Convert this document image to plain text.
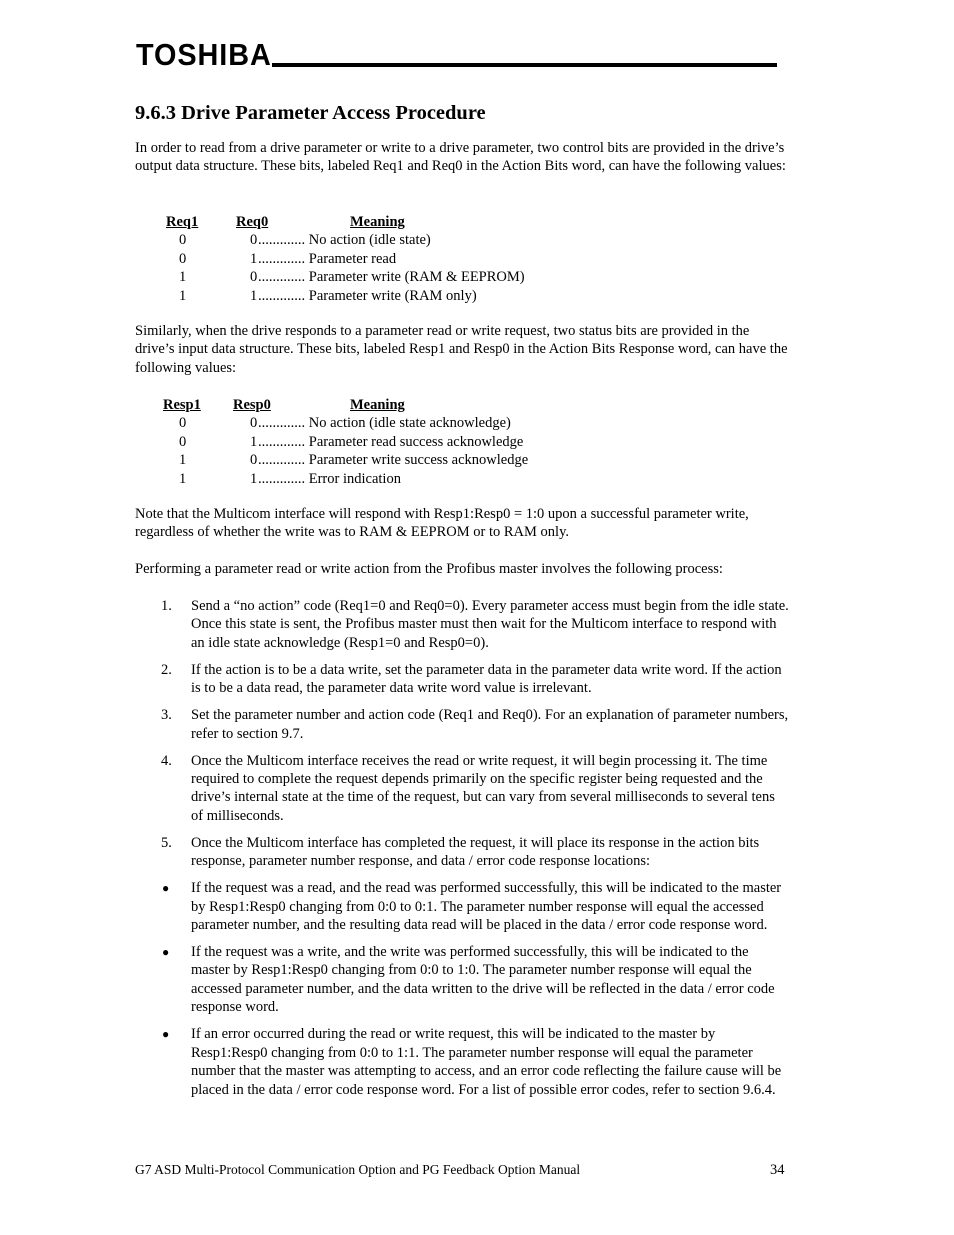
TOSHIBA
9.6.3 Drive Parameter Access Procedure
In order to read from a drive parameter or write to a drive parameter, two control bits are provided in the drive’s output data structure. These bits, labeled Req1 and Req0 in the Action Bits word, can have the following values:
Req1	Req0	Meaning
0	0 ............. No action (idle state)
0	1 ............. Parameter read
1	0 ............. Parameter write (RAM & EEPROM)
1	1 ............. Parameter write (RAM only)
Similarly, when the drive responds to a parameter read or write request, two status bits are provided in the drive’s input data structure. These bits, labeled Resp1 and Resp0 in the Action Bits Response word, can have the following values:
Resp1 Resp0	Meaning
0	0 ............. No action (idle state acknowledge)
0	1 ............. Parameter read success acknowledge
1	0 ............. Parameter write success acknowledge
1	1 ............. Error indication
Note that the Multicom interface will respond with Resp1:Resp0 = 1:0 upon a successful parameter write, regardless of whether the write was to RAM & EEPROM or to RAM only.
Performing a parameter read or write action from the Profibus master involves the following process:
1. Send a “no action” code (Req1=0 and Req0=0). Every parameter access must begin from the idle state. Once this state is sent, the Profibus master must then wait for the Multicom interface to respond with an idle state acknowledge (Resp1=0 and Resp0=0).
2. If the action is to be a data write, set the parameter data in the parameter data write word. If the action is to be a data read, the parameter data write word value is irrelevant.
3. Set the parameter number and action code (Req1 and Req0). For an explanation of parameter numbers, refer to section 9.7.
4. Once the Multicom interface receives the read or write request, it will begin processing it. The time required to complete the request depends primarily on the specific register being requested and the drive’s internal state at the time of the request, but can vary from several milliseconds to several tens of milliseconds.
5. Once the Multicom interface has completed the request, it will place its response in the action bits response, parameter number response, and data / error code response locations:
● If the request was a read, and the read was performed successfully, this will be indicated to the master by Resp1:Resp0 changing from 0:0 to 0:1. The parameter number response will equal the accessed parameter number, and the resulting data read will be placed in the data / error code response word.
● If the request was a write, and the write was performed successfully, this will be indicated to the master by Resp1:Resp0 changing from 0:0 to 1:0. The parameter number response will equal the accessed parameter number, and the data written to the drive will be reflected in the data / error code response word.
● If an error occurred during the read or write request, this will be indicated to the master by Resp1:Resp0 changing from 0:0 to 1:1. The parameter number response will equal the parameter number that the master was attempting to access, and an error code reflecting the failure cause will be placed in the data / error code response word. For a list of possible error codes, refer to section 9.6.4.
G7 ASD Multi-Protocol Communication Option and PG Feedback Option Manual	34
